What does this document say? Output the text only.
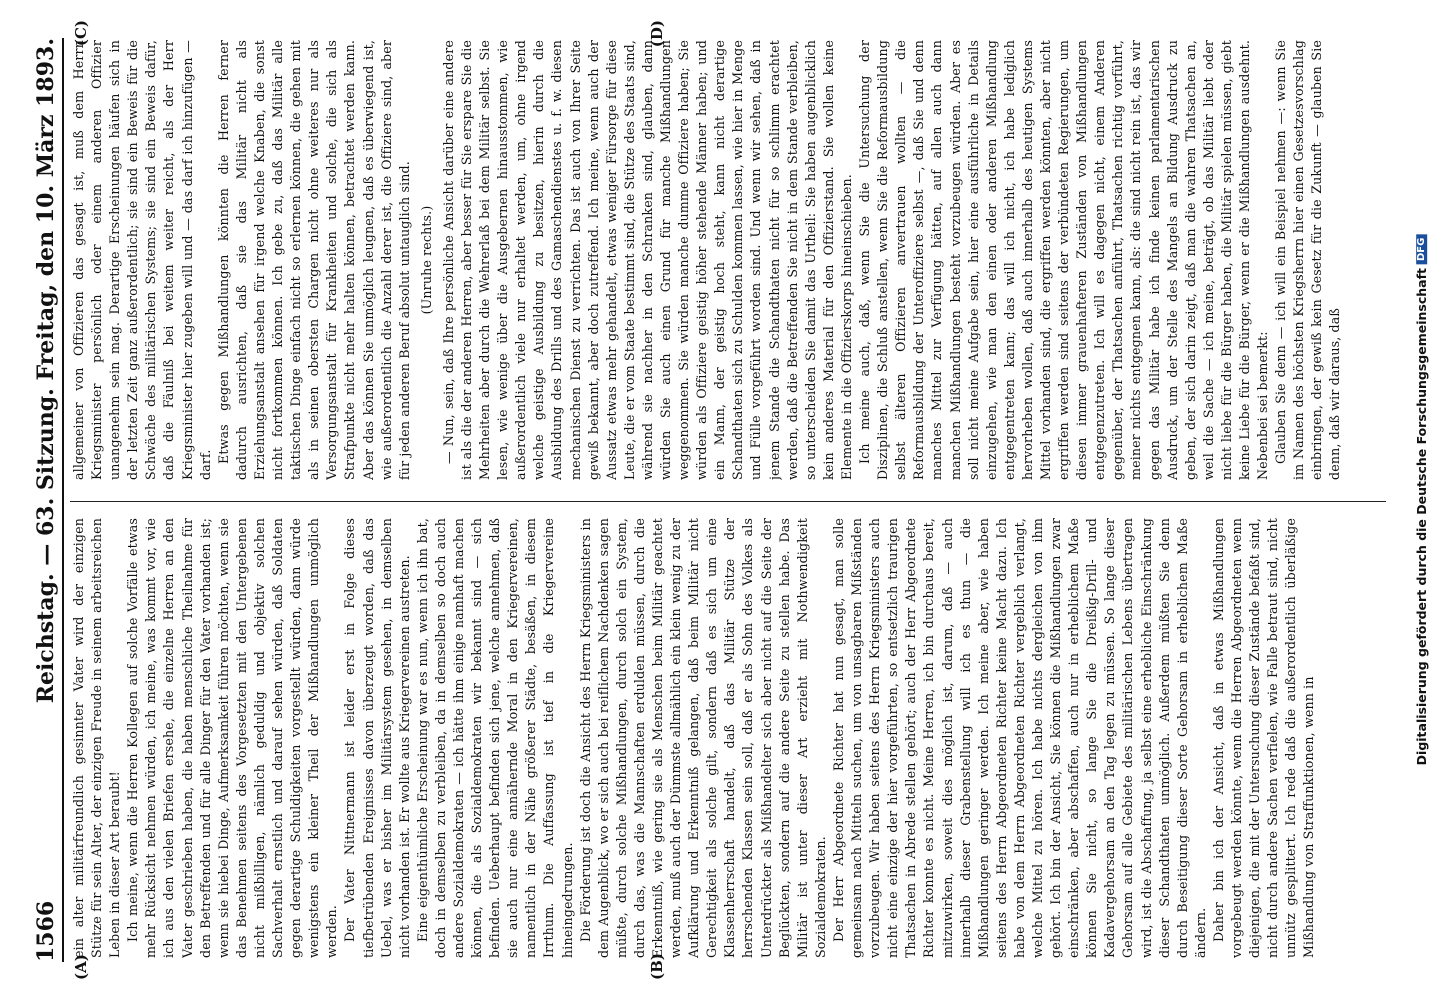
1566
Reichstag. — 63. Sitzung. Freitag, den 10. März 1893.
(A)	(B)
(C)	(D)

ein alter militärfreundlich gesinnter Vater wird der einzigen Stütze für sein Alter, der einzigen Freude in seinem arbeitsreichen Leben in dieser Art beraubt! Ich meine, wenn die Herren Kollegen auf solche Vorfälle etwas mehr Rücksicht nehmen würden, ich meine, was kommt vor, wie ich aus den vielen Briefen ersehe, die einzelne Herren an den Vater geschrieben haben, die haben menschliche Theilnahme für den Betreffenden und für alle Dinger für den Vater vorhanden ist; wenn sie hiebei Dinge, Aufmerksamkeit führen möchten, wenn sie das Benehmen seitens des Vorgesetzten mit den Untergebenen nicht mißbilligen, nämlich geduldig und objektiv solchen Sachverhalt ernstlich und darauf sehen würden, daß Soldaten gegen derartige Schuldigkeiten vorgestellt würden, dann würde wenigstens ein kleiner Theil der Mißhandlungen unmöglich werden. Der Vater Nittnermann ist leider erst in Folge dieses tiefbetrübenden Ereignisses davon überzeugt worden, daß das Uebel, was er bisher im Militärsystem gesehen, in demselben nicht vorhanden ist. Er wollte aus Kriegervereinen austreten. Eine eigenthümliche Erscheinung war es nun, wenn ich ihn bat, doch in demselben zu verbleiben, da in demselben so doch auch andere Sozialdemokraten — ich hätte ihm einige namhaft machen können, die als Sozialdemokraten wir bekannt sind — sich befinden. Ueberhaupt befinden sich jene, welche annehmen, daß sie auch nur eine annähernde Moral in den Kriegervereinen, namentlich in der Nähe größerer Städte, besäßen, in diesem Irrthum. Die Auffassung ist tief in die Kriegervereine hineingedrungen. Die Förderung ist doch die Ansicht des Herrn Kriegsministers in dem Augenblick, wo er sich auch bei reiflichem Nachdenken sagen müßte, durch solche Mißhandlungen, durch solch ein System, durch das, was die Mannschaften erdulden müssen, durch die Erkenntniß, wie gering sie als Menschen beim Militär geachtet werden, muß auch der Dümmste allmählich ein klein wenig zu der Aufklärung und Erkenntniß gelangen, daß beim Militär nicht Gerechtigkeit als solche gilt, sondern daß es sich um eine Klassenherrschaft handelt, daß das Militär Stütze der herrschenden Klassen sein soll, daß er als Sohn des Volkes als Unterdrückter als Mißhandelter sich aber nicht auf die Seite der Beglückten, sondern auf die andere Seite zu stellen habe. Das Militär ist unter dieser Art erzieht mit Nothwendigkeit Sozialdemokraten. Der Herr Abgeordnete Richter hat nun gesagt, man solle gemeinsam nach Mitteln suchen, um von unsagbaren Mißständen vorzubeugen. Wir haben seitens des Herrn Kriegsministers auch nicht eine einzige der hier vorgeführten, so entsetzlich traurigen Thatsachen in Abrede stellen gehört; auch der Herr Abgeordnete Richter konnte es nicht. Meine Herren, ich bin durchaus bereit, mitzuwirken, soweit dies möglich ist, darum, daß — auch innerhalb dieser Grabenstellung will ich es thun — die Mißhandlungen geringer werden. Ich meine aber, wie haben seitens des Herrn Abgeordneten Richter keine Macht dazu. Ich habe von dem Herrn Abgeordneten Richter vergeblich verlangt, welche Mittel zu hören. Ich habe nichts dergleichen von ihm gehört. Ich bin der Ansicht, Sie können die Mißhandlungen zwar einschränken, aber abschaffen, auch nur in erheblichem Maße können Sie nicht, so lange Sie die Dreißig-Drill- und Kadavergehorsam an den Tag legen zu müssen. So lange dieser Gehorsam auf alle Gebiete des militärischen Lebens übertragen wird, ist die Abschaffung, ja selbst eine erhebliche Einschränkung dieser Schandthaten unmöglich. Außerdem müßten Sie denn durch Beseitigung dieser Sorte Gehorsam in erheblichem Maße ändern. Daher bin ich der Ansicht, daß in etwas Mißhandlungen vorgebeugt werden könnte, wenn die Herren Abgeordneten wenn diejenigen, die mit der Untersuchung dieser Zustände befaßt sind, nicht durch andere Sachen verfielen, wie Falle betraut sind, nicht unnütz gesplittert. Ich rede daß die außerordentlich überläßige Mißhandlung von Straffunktionen, wenn in

allgemeiner von Offizieren das gesagt ist, muß dem Herrn Kriegsminister persönlich oder einem anderen Offizier unangenehm sein mag. Derartige Erscheinungen häufen sich in der letzten Zeit ganz außerordentlich; sie sind ein Beweis für die Schwäche des militärischen Systems; sie sind ein Beweis dafür, daß die Fäulniß bei weitem weiter reicht, als der Herr Kriegsminister hier zugeben will und — das darf ich hinzufügen — darf.

Etwas gegen Mißhandlungen könnten die Herren ferner dadurch ausrichten, daß sie das Militär nicht als Erziehungsanstalt ansehen für irgend welche Knaben, die sonst nicht fortkommen können. Ich gebe zu, daß das Militär alle taktischen Dinge einfach nicht so erlernen können, die gehen mit als in seinen obersten Chargen nicht ohne weiteres nur als Versorgungsanstalt für Krankheiten und solche, die sich als Strafpunkte nicht mehr halten können, betrachtet werden kann. Aber das können Sie unmöglich leugnen, daß es überwiegend ist, wie außerordentlich die Anzahl derer ist, die Offiziere sind, aber für jeden anderen Beruf absolut untauglich sind. (Unruhe rechts.) — Nun, sein, daß Ihre persönliche Ansicht darüber eine andere ist als die der anderen Herren, aber besser für Sie erspare Sie die Mehrheiten aber durch die Wehrerlaß bei dem Militär selbst. Sie lesen, wie wenige über die Ausgebernen hinausstommen, wie außerordentlich viele nur erhaltet werden, um, ohne irgend welche geistige Ausbildung zu besitzen, hierin durch die Ausbildung des Drills und des Gamaschendienstes u. f. w. diesen mechanischen Dienst zu verrichten. Das ist auch von Ihrer Seite gewiß bekannt, aber doch zutreffend. Ich meine, wenn auch der Aussatz etwas mehr gehandelt, etwas weniger Fürsorge für diese Leute, die er vom Staate bestimmt sind, die Stütze des Staats sind, während sie nachher in den Schranken sind, glauben, dann würden Sie auch einen Grund für manche Mißhandlungen weggenommen. Sie würden manche dumme Offiziere haben; Sie würden als Offiziere geistig höher stehende Männer haben; und ein Mann, der geistig hoch steht, kann nicht derartige Schandthaten sich zu Schulden kommen lassen, wie hier in Menge und Fülle vorgeführt worden sind. Und wenn wir sehen, daß in jenem Stande die Schandthaten nicht für so schlimm erachtet werden, daß die Betreffenden Sie nicht in dem Stande verbleiben, so unterscheiden Sie damit das Urtheil: Sie haben augenblicklich kein anderes Material für den Offizierstand. Sie wollen keine Elemente in die Offizierskorps hineinschieben. Ich meine auch, daß, wenn Sie die Untersuchung der Disziplinen, die Schluß anstellen, wenn Sie die Reformausbildung selbst älteren Offizieren anvertrauen wollten — die Reformausbildung der Unteroffiziere selbst —, daß Sie und denn manches Mittel zur Verfügung hätten, auf allen auch dann manchen Mißhandlungen besteht vorzubeugen würden. Aber es soll nicht meine Aufgabe sein, hier eine ausführliche in Details einzugehen, wie man den einen oder anderen Mißhandlung entgegentreten kann; das will ich nicht, ich habe lediglich hervorheben wollen, daß auch innerhalb des heutigen Systems Mittel vorhanden sind, die ergriffen werden könnten, aber nicht ergriffen werden sind seitens der verbündeten Regierungen, um diesen immer grauenhafteren Zuständen von Mißhandlungen entgegenzutreten. Ich will es dagegen nicht, einem Anderen gegenüber, der Thatsachen anführt, Thatsachen richtig vorführt, meiner nichts entgegnen kann, als: die sind nicht rein ist, das wir gegen das Militär habe ich finde keinen parlamentarischen Ausdruck, um der Stelle des Mangels an Bildung Ausdruck zu geben, der sich darin zeigt, daß man die wahren Thatsachen an, weil die Sache — ich meine, beträgt, ob das Militär liebt oder nicht liebe für die Bürger haben, die Militär spielen müssen, giebt keine Liebe für die Bürger, wenn er die Mißhandlungen ausdehnt. Nebenbei sei bemerkt: Glauben Sie denn — ich will ein Beispiel nehmen —: wenn Sie im Namen des höchsten Kriegsherrn hier einen Gesetzesvorschlag einbringen, der gewiß kein Gesetz für die Zukunft — glauben Sie denn, daß wir daraus, daß	Digitalisierung gefördert durch die Deutsche Forschungsgemeinschaft
DFG
